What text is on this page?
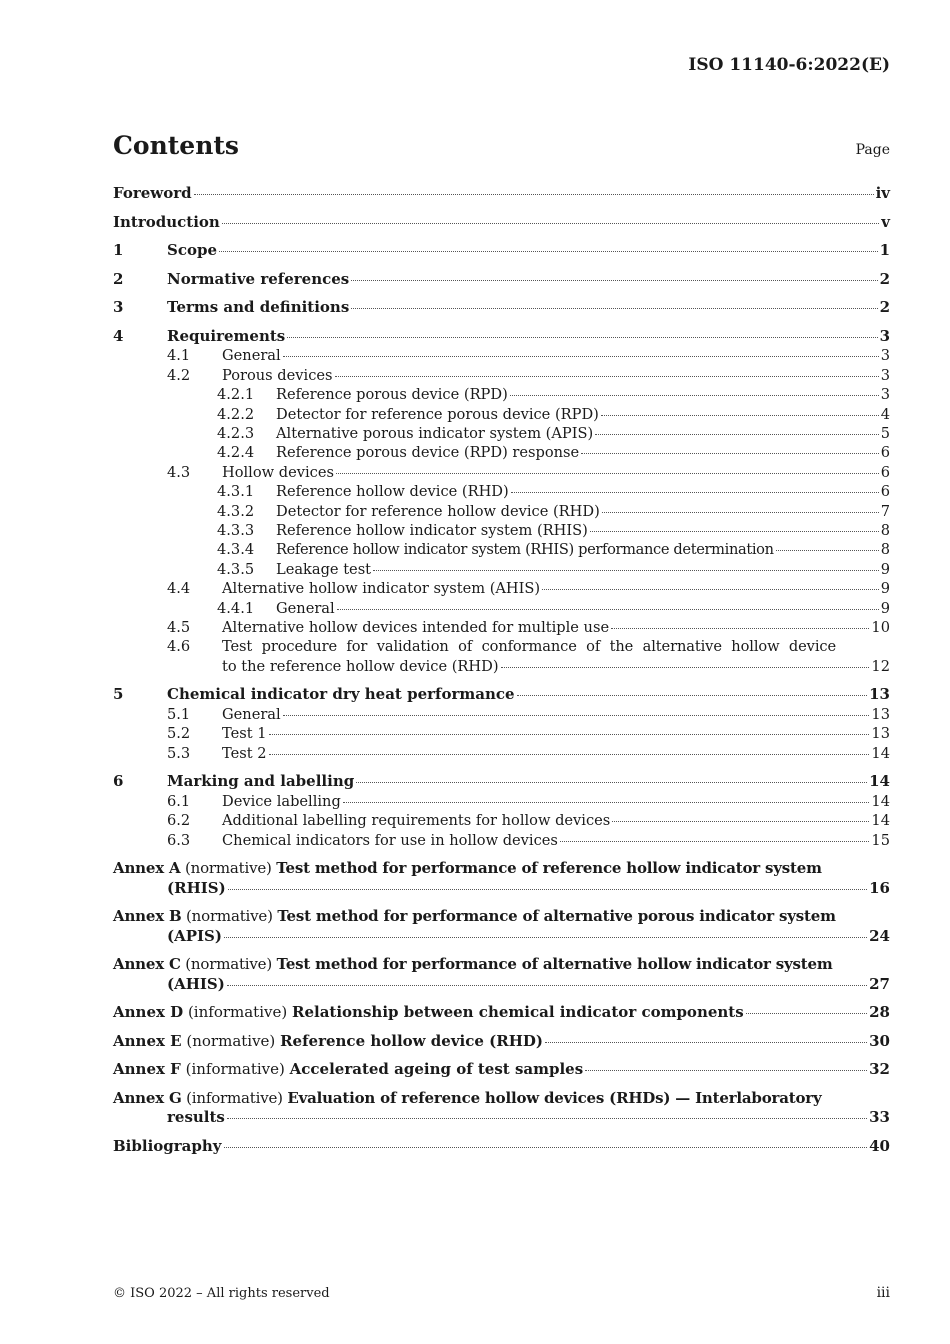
ISO 11140-6:2022(E)
Contents	Page
Foreword	iv
Introduction	v
1	Scope	1
2	Normative references	2
3	Terms and definitions	2
4	Requirements	3
4.1 General	3
4.2 Porous devices	3
4.2.1 Reference porous device (RPD)	3
4.2.2 Detector for reference porous device (RPD)	4
4.2.3 Alternative porous indicator system (APIS)	5
4.2.4 Reference porous device (RPD) response	6
4.3 Hollow devices	6
4.3.1 Reference hollow device (RHD)	6
4.3.2 Detector for reference hollow device (RHD)	7
4.3.3 Reference hollow indicator system (RHIS)	8
4.3.4 Reference hollow indicator system (RHIS) performance determination	8
4.3.5 Leakage test	9
4.4 Alternative hollow indicator system (AHIS)	9
4.4.1 General	9
4.5 Alternative hollow devices intended for multiple use	10
4.6 Test procedure for validation of conformance of the alternative hollow device
to the reference hollow device (RHD)	12
5	Chemical indicator dry heat performance	13
5.1 General	13
5.2 Test 1	13
5.3 Test 2	14
6	Marking and labelling	14
6.1 Device labelling	14
6.2 Additional labelling requirements for hollow devices	14
6.3 Chemical indicators for use in hollow devices	15
Annex A (normative) Test method for performance of reference hollow indicator system
(RHIS)	16
Annex B (normative) Test method for performance of alternative porous indicator system
(APIS)	24
Annex C (normative) Test method for performance of alternative hollow indicator system
(AHIS)	27
Annex D (informative) Relationship between chemical indicator components	28
Annex E (normative) Reference hollow device (RHD)	30
Annex F (informative) Accelerated ageing of test samples	32
Annex G (informative) Evaluation of reference hollow devices (RHDs) — Interlaboratory
results	33
Bibliography	40
© ISO 2022 – All rights reserved	iii
